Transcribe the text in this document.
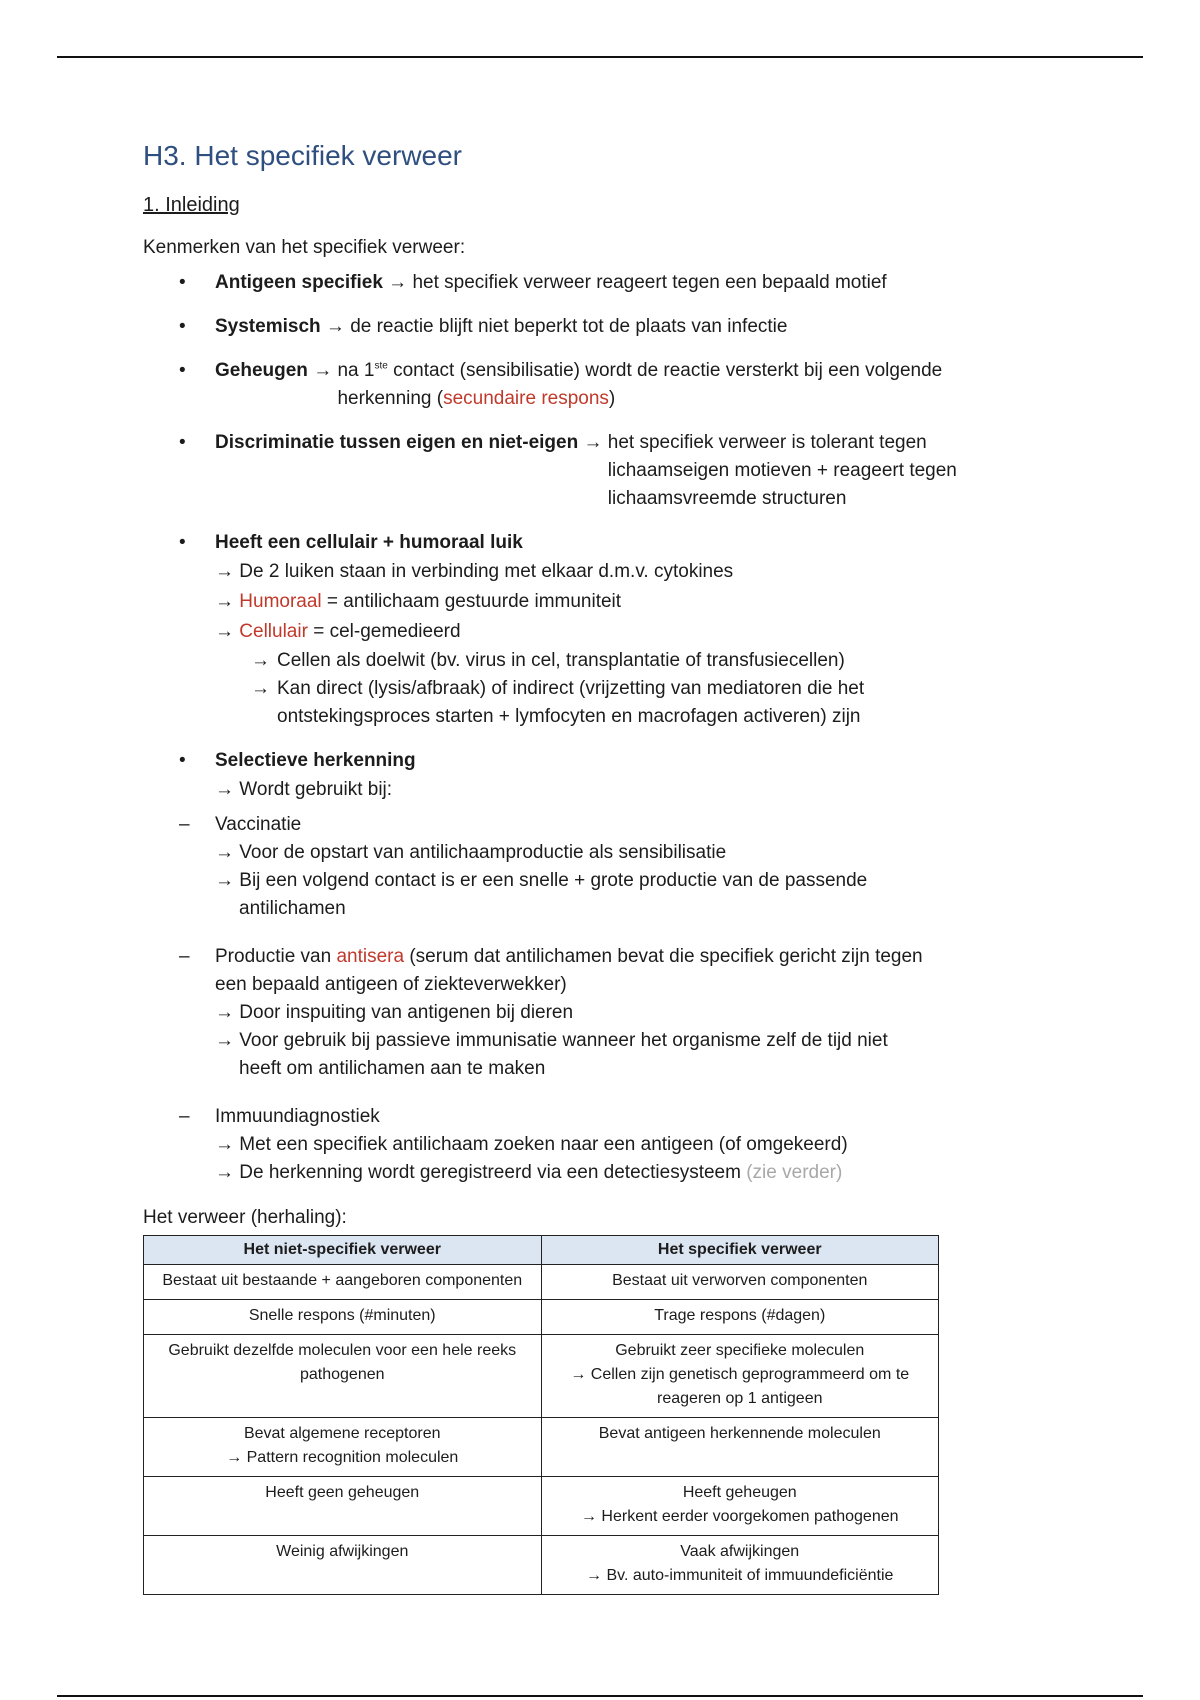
H3. Het specifiek verweer
1. Inleiding
Kenmerken van het specifiek verweer:
• Antigeen specifiek → het specifiek verweer reageert tegen een bepaald motief
• Systemisch → de reactie blijft niet beperkt tot de plaats van infectie
• Geheugen → na 1ste contact (sensibilisatie) wordt de reactie versterkt bij een volgende
herkenning (secundaire respons)
• Discriminatie tussen eigen en niet-eigen → het specifiek verweer is tolerant tegen
lichaamseigen motieven + reageert tegen
lichaamsvreemde structuren
• Heeft een cellulair + humoraal luik
→ De 2 luiken staan in verbinding met elkaar d.m.v. cytokines
→ Humoraal = antilichaam gestuurde immuniteit
→ Cellulair = cel-gemedieerd
→ Cellen als doelwit (bv. virus in cel, transplantatie of transfusiecellen)
→ Kan direct (lysis/afbraak) of indirect (vrijzetting van mediatoren die het
ontstekingsproces starten + lymfocyten en macrofagen activeren) zijn
• Selectieve herkenning
→ Wordt gebruikt bij:
– Vaccinatie
→ Voor de opstart van antilichaamproductie als sensibilisatie
→ Bij een volgend contact is er een snelle + grote productie van de passende
antilichamen
– Productie van antisera (serum dat antilichamen bevat die specifiek gericht zijn tegen
een bepaald antigeen of ziekteverwekker)
→ Door inspuiting van antigenen bij dieren
→ Voor gebruik bij passieve immunisatie wanneer het organisme zelf de tijd niet
heeft om antilichamen aan te maken
– Immuundiagnostiek
→ Met een specifiek antilichaam zoeken naar een antigeen (of omgekeerd)
→ De herkenning wordt geregistreerd via een detectiesysteem (zie verder)
Het verweer (herhaling):
Het niet-specifiek verweer	Het specifiek verweer

Bestaat uit bestaande + aangeboren componenten	Bestaat uit verworven componenten

Snelle respons (#minuten)	Trage respons (#dagen)

Gebruikt dezelfde moleculen voor een hele reeks pathogenen	Gebruikt zeer specifieke moleculen
→ Cellen zijn genetisch geprogrammeerd om te reageren op 1 antigeen

Bevat algemene receptoren
→ Pattern recognition moleculen	Bevat antigeen herkennende moleculen

Heeft geen geheugen	Heeft geheugen
→ Herkent eerder voorgekomen pathogenen

Weinig afwijkingen	Vaak afwijkingen
→ Bv. auto-immuniteit of immuundeficiëntie
